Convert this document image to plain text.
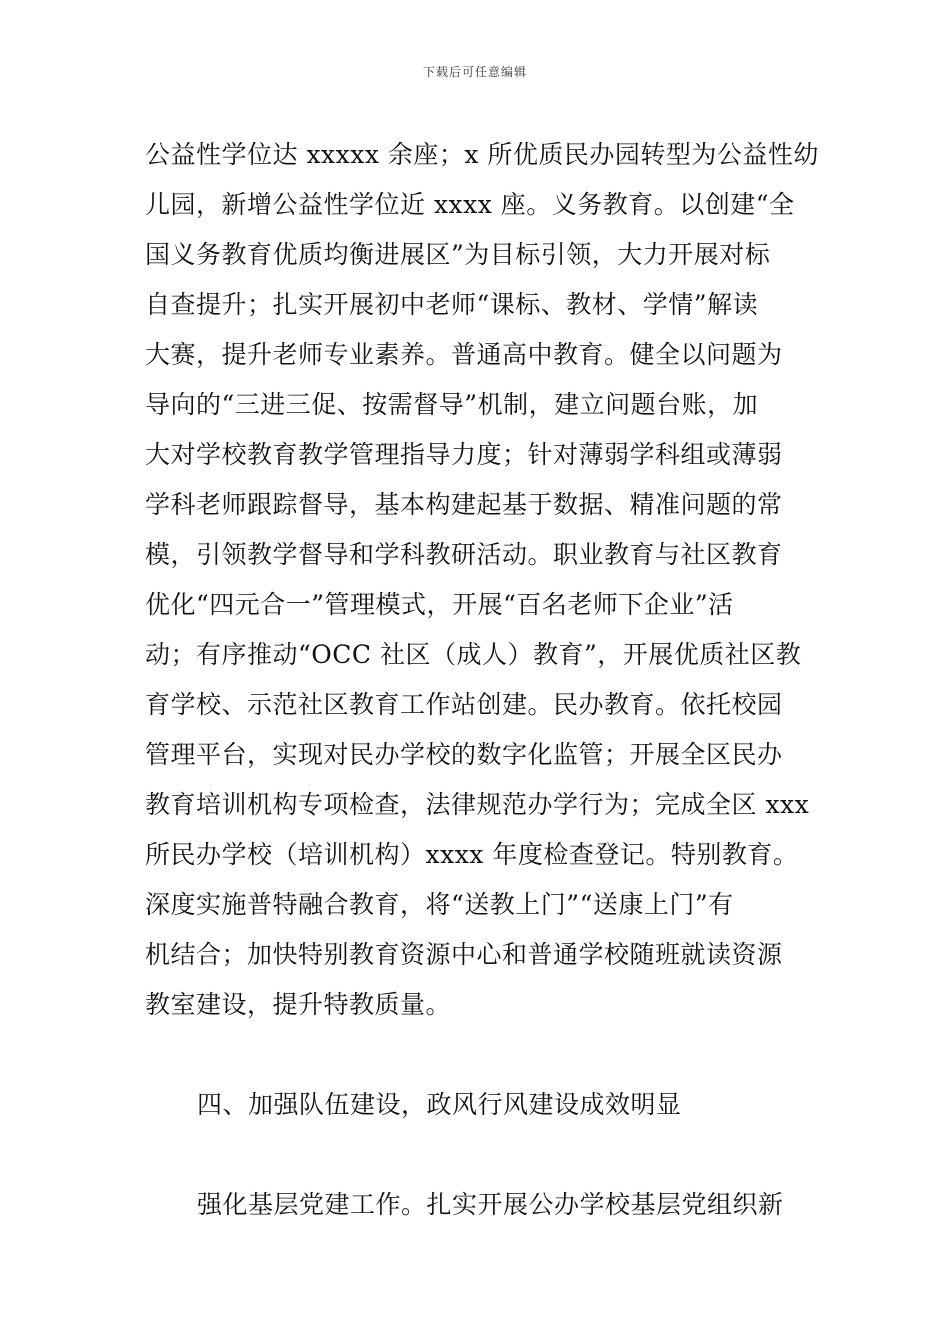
下载后可任意编辑
公益性学位达 xxxxx 余座；x 所优质民办园转型为公益性幼
儿园，新增公益性学位近 xxxx 座。义务教育。以创建“全
国义务教育优质均衡进展区”为目标引领，大力开展对标
自查提升；扎实开展初中老师“课标、教材、学情”解读
大赛，提升老师专业素养。普通高中教育。健全以问题为
导向的“三进三促、按需督导”机制，建立问题台账，加
大对学校教育教学管理指导力度；针对薄弱学科组或薄弱
学科老师跟踪督导，基本构建起基于数据、精准问题的常
模，引领教学督导和学科教研活动。职业教育与社区教育
优化“四元合一”管理模式，开展“百名老师下企业”活
动；有序推动“OCC 社区（成人）教育”，开展优质社区教
育学校、示范社区教育工作站创建。民办教育。依托校园
管理平台，实现对民办学校的数字化监管；开展全区民办
教育培训机构专项检查，法律规范办学行为；完成全区 xxx
所民办学校（培训机构）xxxx 年度检查登记。特别教育。
深度实施普特融合教育，将“送教上门”“送康上门”有
机结合；加快特别教育资源中心和普通学校随班就读资源
教室建设，提升特教质量。
四、加强队伍建设，政风行风建设成效明显
强化基层党建工作。扎实开展公办学校基层党组织新
